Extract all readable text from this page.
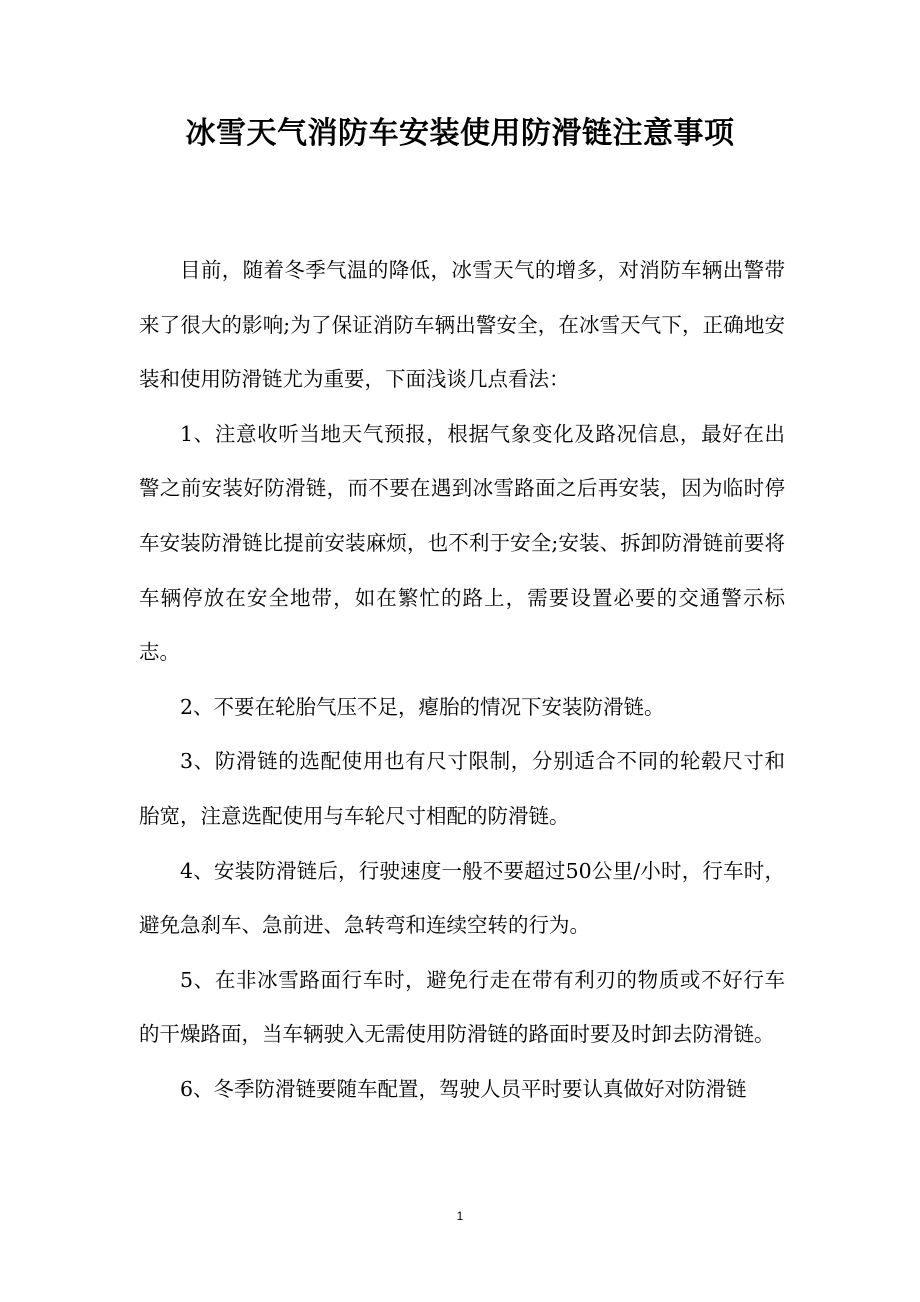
冰雪天气消防车安装使用防滑链注意事项

目前，随着冬季气温的降低，冰雪天气的增多，对消防车辆出警带来了很大的影响;为了保证消防车辆出警安全，在冰雪天气下，正确地安装和使用防滑链尤为重要，下面浅谈几点看法：

1、注意收听当地天气预报，根据气象变化及路况信息，最好在出警之前安装好防滑链，而不要在遇到冰雪路面之后再安装，因为临时停车安装防滑链比提前安装麻烦，也不利于安全;安装、拆卸防滑链前要将车辆停放在安全地带，如在繁忙的路上，需要设置必要的交通警示标志。

2、不要在轮胎气压不足，瘪胎的情况下安装防滑链。

3、防滑链的选配使用也有尺寸限制，分别适合不同的轮毂尺寸和胎宽，注意选配使用与车轮尺寸相配的防滑链。

4、安装防滑链后，行驶速度一般不要超过50公里/小时，行车时，避免急刹车、急前进、急转弯和连续空转的行为。

5、在非冰雪路面行车时，避免行走在带有利刃的物质或不好行车的干燥路面，当车辆驶入无需使用防滑链的路面时要及时卸去防滑链。

6、冬季防滑链要随车配置，驾驶人员平时要认真做好对防滑链

1
